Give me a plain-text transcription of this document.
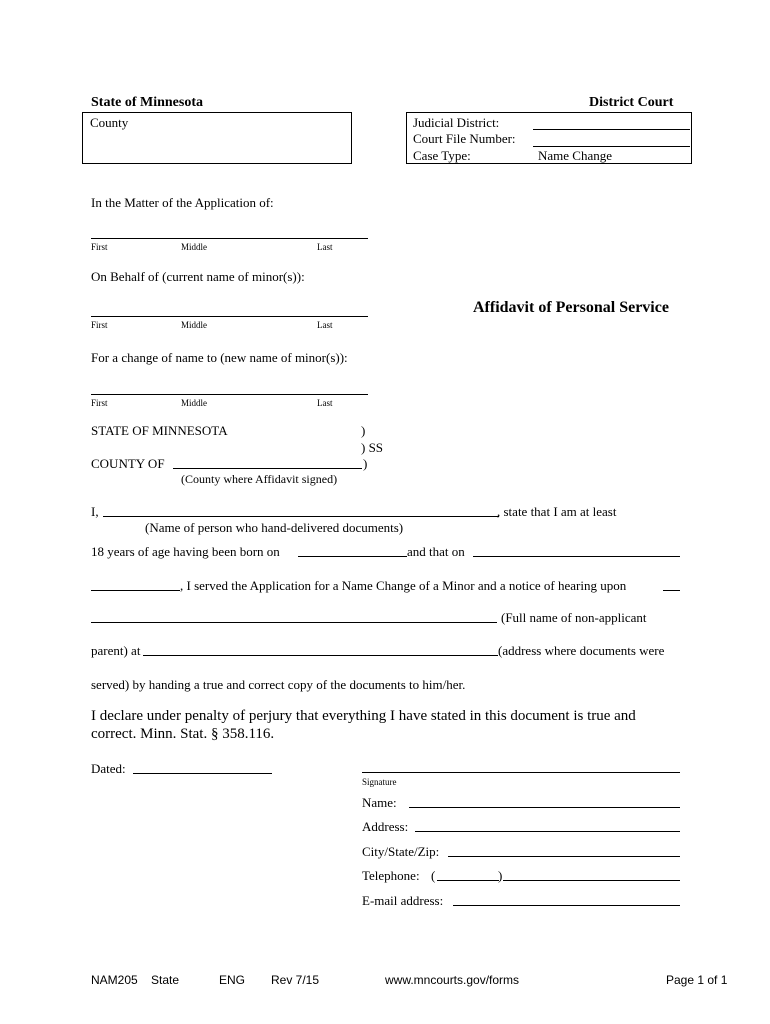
State of Minnesota	District Court
County	Judicial District:
Court File Number:
Case Type:	Name Change
In the Matter of the Application of:
First	Middle	Last
On Behalf of (current name of minor(s)):
First	Middle	Last
Affidavit of Personal Service
For a change of name to (new name of minor(s)):
First	Middle	Last
STATE OF MINNESOTA	)
) SS
COUNTY OF	)
(County where Affidavit signed)
I,	, state that I am at least
(Name of person who hand-delivered documents)
18 years of age having been born on	and that on
, I served the Application for a Name Change of a Minor and a notice of hearing upon
(Full name of non-applicant
parent) at	(address where documents were
served) by handing a true and correct copy of the documents to him/her.
I declare under penalty of perjury that everything I have stated in this document is true and correct. Minn. Stat. § 358.116.
Dated:
Signature
Name:
Address:
City/State/Zip:
Telephone: (	)
E-mail address:
NAM205 State	ENG Rev 7/15	www.mncourts.gov/forms	Page 1 of 1
